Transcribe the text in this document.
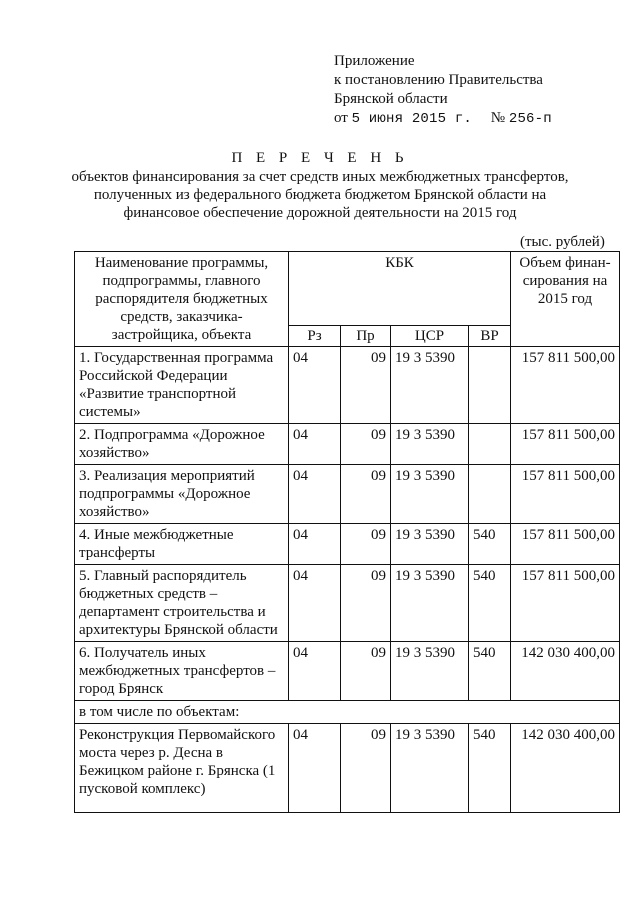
Приложение
к постановлению Правительства
Брянской области
от 5 июня 2015 г. № 256-п
П Е Р Е Ч Е Н Ь
объектов финансирования за счет средств иных межбюджетных трансфертов,
полученных из федерального бюджета бюджетом Брянской области на
финансовое обеспечение дорожной деятельности на 2015 год
(тыс. рублей)
Наименование программы, подпрограммы, главного распорядителя бюджетных средств, заказчика-застройщика, объекта	КБК				Объем финан-сирования на 2015 год
	Рз	Пр	ЦСР	ВР	
1. Государственная программа Российской Федерации «Развитие транспортной системы»	04	09	19 3 5390		157 811 500,00
2. Подпрограмма «Дорожное хозяйство»	04	09	19 3 5390		157 811 500,00
3. Реализация мероприятий подпрограммы «Дорожное хозяйство»	04	09	19 3 5390		157 811 500,00
4. Иные межбюджетные трансферты	04	09	19 3 5390	540	157 811 500,00
5. Главный распорядитель бюджетных средств – департамент строительства и архитектуры Брянской области	04	09	19 3 5390	540	157 811 500,00
6. Получатель иных межбюджетных трансфертов – город Брянск	04	09	19 3 5390	540	142 030 400,00
в том числе по объектам:					
Реконструкция Первомайского моста через р. Десна в Бежицком районе г. Брянска (1 пусковой комплекс)	04	09	19 3 5390	540	142 030 400,00
